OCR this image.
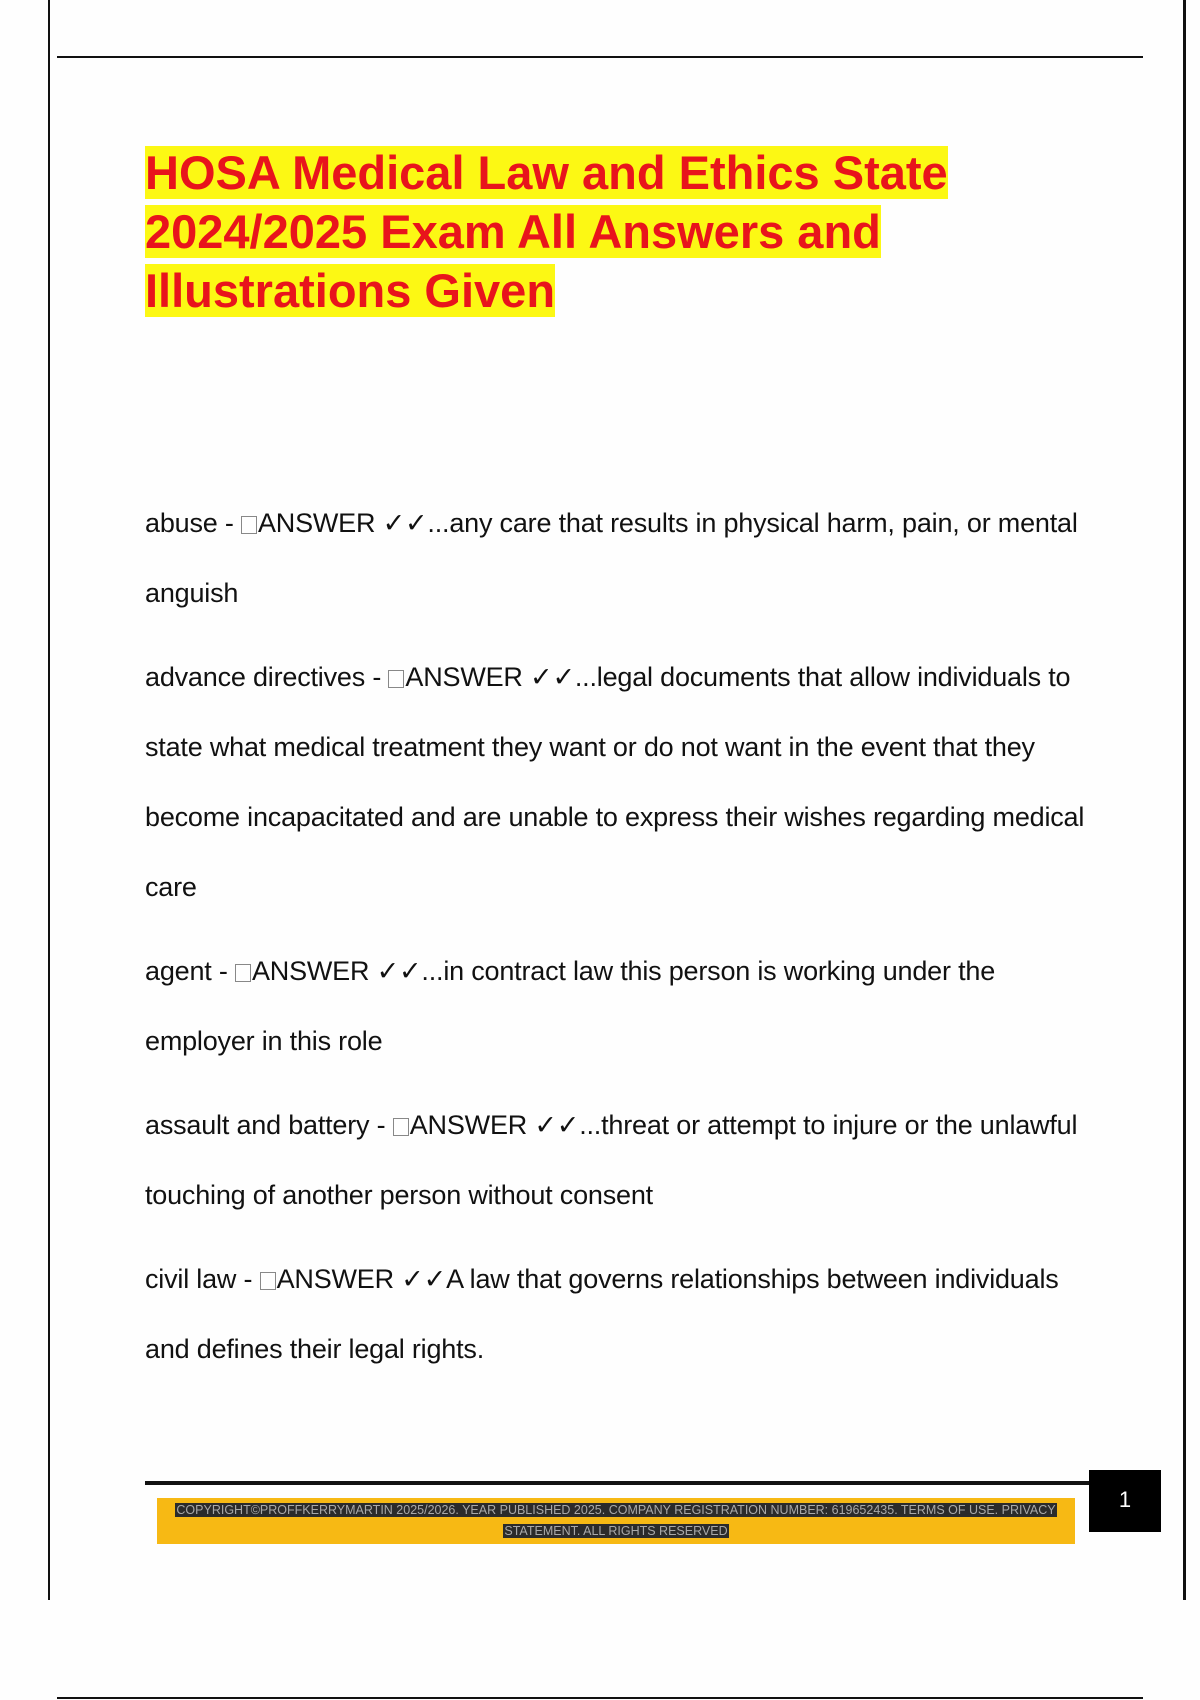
HOSA Medical Law and Ethics State 2024/2025 Exam All Answers and Illustrations Given

abuse - ANSWER ✓✓...any care that results in physical harm, pain, or mental anguish

advance directives - ANSWER ✓✓...legal documents that allow individuals to state what medical treatment they want or do not want in the event that they become incapacitated and are unable to express their wishes regarding medical care

agent - ANSWER ✓✓...in contract law this person is working under the employer in this role

assault and battery - ANSWER ✓✓...threat or attempt to injure or the unlawful touching of another person without consent

civil law - ANSWER ✓✓A law that governs relationships between individuals and defines their legal rights.

COPYRIGHT©PROFFKERRYMARTIN 2025/2026. YEAR PUBLISHED 2025. COMPANY REGISTRATION NUMBER: 619652435. TERMS OF USE. PRIVACY STATEMENT. ALL RIGHTS RESERVED
1
